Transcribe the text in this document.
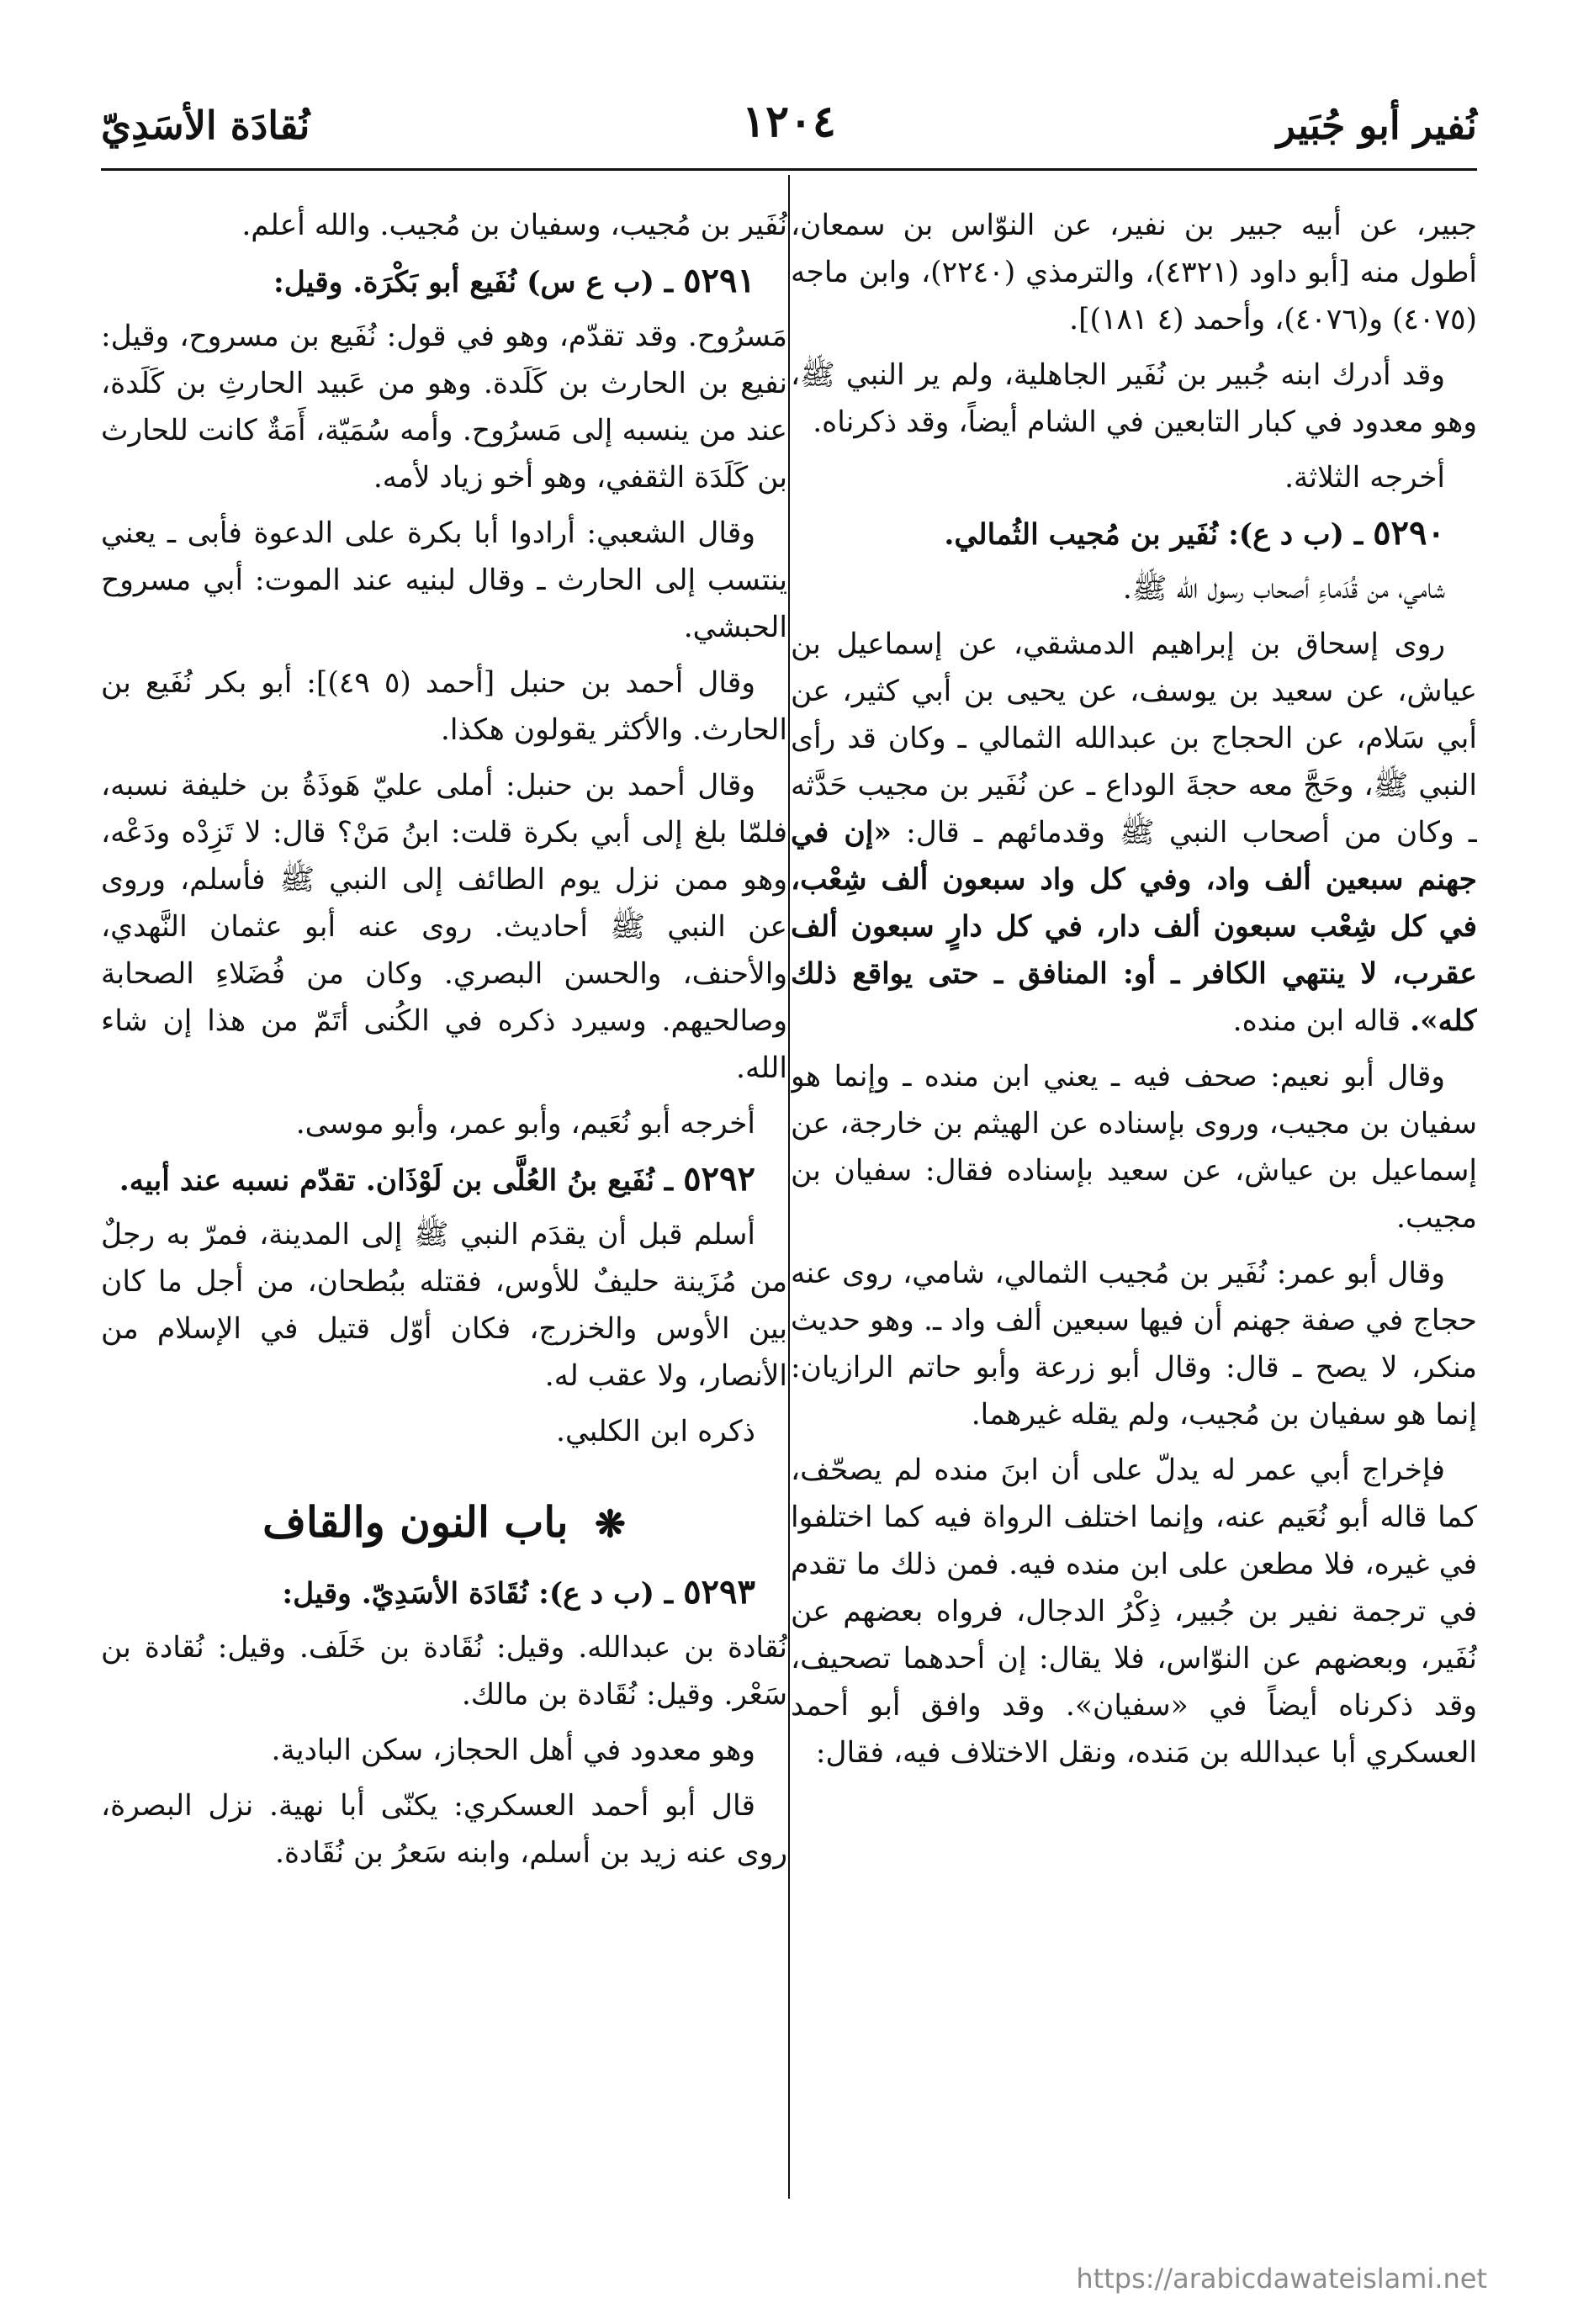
نُفير أبو جُبَير
١٢٠٤
نُقادَة الأسَدِيّ

جبير، عن أبيه جبير بن نفير، عن النوّاس بن سمعان، أطول منه [أبو داود (٤٣٢١)، والترمذي (٢٢٤٠)، وابن ماجه (٤٠٧٥) و(٤٠٧٦)، وأحمد (٤ ١٨١)].

وقد أدرك ابنه جُبير بن نُفَير الجاهلية، ولم ير النبي ﷺ، وهو معدود في كبار التابعين في الشام أيضاً، وقد ذكرناه.

أخرجه الثلاثة.

٥٢٩٠ ـ (ب د ع): نُفَير بن مُجيب الثُمالي.

شامي، من قُدَماءِ أصحاب رسول الله ﷺ.

روى إسحاق بن إبراهيم الدمشقي، عن إسماعيل بن عياش، عن سعيد بن يوسف، عن يحيى بن أبي كثير، عن أبي سَلام، عن الحجاج بن عبدالله الثمالي ـ وكان قد رأى النبي ﷺ، وحَجَّ معه حجةَ الوداع ـ عن نُفَير بن مجيب حَدَّثه ـ وكان من أصحاب النبي ﷺ وقدمائهم ـ قال: «إن في جهنم سبعين ألف واد، وفي كل واد سبعون ألف شِعْب، في كل شِعْب سبعون ألف دار، في كل دارٍ سبعون ألف عقرب، لا ينتهي الكافر ـ أو: المنافق ـ حتى يواقع ذلك كله». قاله ابن منده.

وقال أبو نعيم: صحف فيه ـ يعني ابن منده ـ وإنما هو سفيان بن مجيب، وروى بإسناده عن الهيثم بن خارجة، عن إسماعيل بن عياش، عن سعيد بإسناده فقال: سفيان بن مجيب.

وقال أبو عمر: نُفَير بن مُجيب الثمالي، شامي، روى عنه حجاج في صفة جهنم أن فيها سبعين ألف واد ـ. وهو حديث منكر، لا يصح ـ قال: وقال أبو زرعة وأبو حاتم الرازيان: إنما هو سفيان بن مُجيب، ولم يقله غيرهما.

فإخراج أبي عمر له يدلّ على أن ابنَ منده لم يصحّف، كما قاله أبو نُعَيم عنه، وإنما اختلف الرواة فيه كما اختلفوا في غيره، فلا مطعن على ابن منده فيه. فمن ذلك ما تقدم في ترجمة نفير بن جُبير، ذِكْرُ الدجال، فرواه بعضهم عن نُفَير، وبعضهم عن النوّاس، فلا يقال: إن أحدهما تصحيف، وقد ذكرناه أيضاً في «سفيان». وقد وافق أبو أحمد العسكري أبا عبدالله بن مَنده، ونقل الاختلاف فيه، فقال:

نُفَير بن مُجيب، وسفيان بن مُجيب. والله أعلم.

٥٢٩١ ـ (ب ع س) نُفَيع أبو بَكْرَة. وقيل:

مَسرُوح. وقد تقدّم، وهو في قول: نُفَيع بن مسروح، وقيل: نفيع بن الحارث بن كَلَدة. وهو من عَبيد الحارثِ بن كَلَدة، عند من ينسبه إلى مَسرُوح. وأمه سُمَيّة، أَمَةٌ كانت للحارث بن كَلَدَة الثقفي، وهو أخو زياد لأمه.

وقال الشعبي: أرادوا أبا بكرة على الدعوة فأبى ـ يعني ينتسب إلى الحارث ـ وقال لبنيه عند الموت: أبي مسروح الحبشي.

وقال أحمد بن حنبل [أحمد (٥ ٤٩)]: أبو بكر نُفَيع بن الحارث. والأكثر يقولون هكذا.

وقال أحمد بن حنبل: أملى عليّ هَوذَةُ بن خليفة نسبه، فلمّا بلغ إلى أبي بكرة قلت: ابنُ مَنْ؟ قال: لا تَزِدْه ودَعْه، وهو ممن نزل يوم الطائف إلى النبي ﷺ فأسلم، وروى عن النبي ﷺ أحاديث. روى عنه أبو عثمان النَّهدي، والأحنف، والحسن البصري. وكان من فُضَلاءِ الصحابة وصالحيهم. وسيرد ذكره في الكُنى أتَمّ من هذا إن شاء الله.

أخرجه أبو نُعَيم، وأبو عمر، وأبو موسى.

٥٢٩٢ ـ نُفَيع بنُ العُلَّى بن لَوْذَان. تقدّم نسبه عند أبيه.

أسلم قبل أن يقدَم النبي ﷺ إلى المدينة، فمرّ به رجلٌ من مُزَينة حليفٌ للأوس، فقتله ببُطحان، من أجل ما كان بين الأوس والخزرج، فكان أوّل قتيل في الإسلام من الأنصار، ولا عقب له.

ذكره ابن الكلبي.

❋ باب النون والقاف

٥٢٩٣ ـ (ب د ع): نُقَادَة الأسَدِيّ. وقيل:

نُقادة بن عبدالله. وقيل: نُقَادة بن خَلَف. وقيل: نُقادة بن سَعْر. وقيل: نُقَادة بن مالك.

وهو معدود في أهل الحجاز، سكن البادية.

قال أبو أحمد العسكري: يكنّى أبا نهية. نزل البصرة، روى عنه زيد بن أسلم، وابنه سَعرُ بن نُقَادة.

https://arabicdawateislami.net
